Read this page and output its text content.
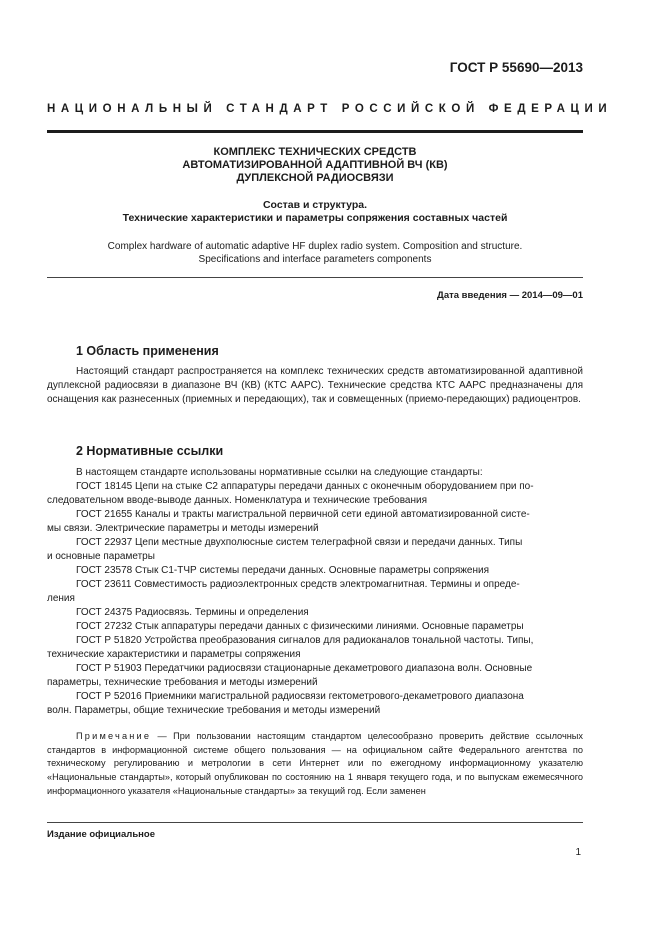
ГОСТ Р 55690—2013
НАЦИОНАЛЬНЫЙ СТАНДАРТ РОССИЙСКОЙ ФЕДЕРАЦИИ
КОМПЛЕКС ТЕХНИЧЕСКИХ СРЕДСТВ
АВТОМАТИЗИРОВАННОЙ АДАПТИВНОЙ ВЧ (КВ)
ДУПЛЕКСНОЙ РАДИОСВЯЗИ
Состав и структура.
Технические характеристики и параметры сопряжения составных частей
Complex hardware of automatic adaptive HF duplex radio system. Composition and structure.
Specifications and interface parameters components
Дата введения — 2014—09—01
1 Область применения
Настоящий стандарт распространяется на комплекс технических средств автоматизированной адаптивной дуплексной радиосвязи в диапазоне ВЧ (КВ) (КТС ААРС). Технические средства КТС ААРС предназначены для оснащения как разнесенных (приемных и передающих), так и совмещенных (приемо-передающих) радиоцентров.
2 Нормативные ссылки
В настоящем стандарте использованы нормативные ссылки на следующие стандарты:
ГОСТ 18145 Цепи на стыке С2 аппаратуры передачи данных с оконечным оборудованием при по-
следовательном вводе-выводе данных. Номенклатура и технические требования
ГОСТ 21655 Каналы и тракты магистральной первичной сети единой автоматизированной систе-
мы связи. Электрические параметры и методы измерений
ГОСТ 22937 Цепи местные двухполюсные систем телеграфной связи и передачи данных. Типы
и основные параметры
ГОСТ 23578 Стык С1-ТЧР системы передачи данных. Основные параметры сопряжения
ГОСТ 23611 Совместимость радиоэлектронных средств электромагнитная. Термины и опреде-
ления
ГОСТ 24375 Радиосвязь. Термины и определения
ГОСТ 27232 Стык аппаратуры передачи данных с физическими линиями. Основные параметры
ГОСТ Р 51820 Устройства преобразования сигналов для радиоканалов тональной частоты. Типы,
технические характеристики и параметры сопряжения
ГОСТ Р 51903 Передатчики радиосвязи стационарные декаметрового диапазона волн. Основные
параметры, технические требования и методы измерений
ГОСТ Р 52016 Приемники магистральной радиосвязи гектометрового-декаметрового диапазона
волн. Параметры, общие технические требования и методы измерений
Примечание — При пользовании настоящим стандартом целесообразно проверить действие ссылочных стандартов в информационной системе общего пользования — на официальном сайте Федерального агентства по техническому регулированию и метрологии в сети Интернет или по ежегодному информационному указателю «Национальные стандарты», который опубликован по состоянию на 1 января текущего года, и по выпускам ежемесячного информационного указателя «Национальные стандарты» за текущий год. Если заменен
Издание официальное
1
